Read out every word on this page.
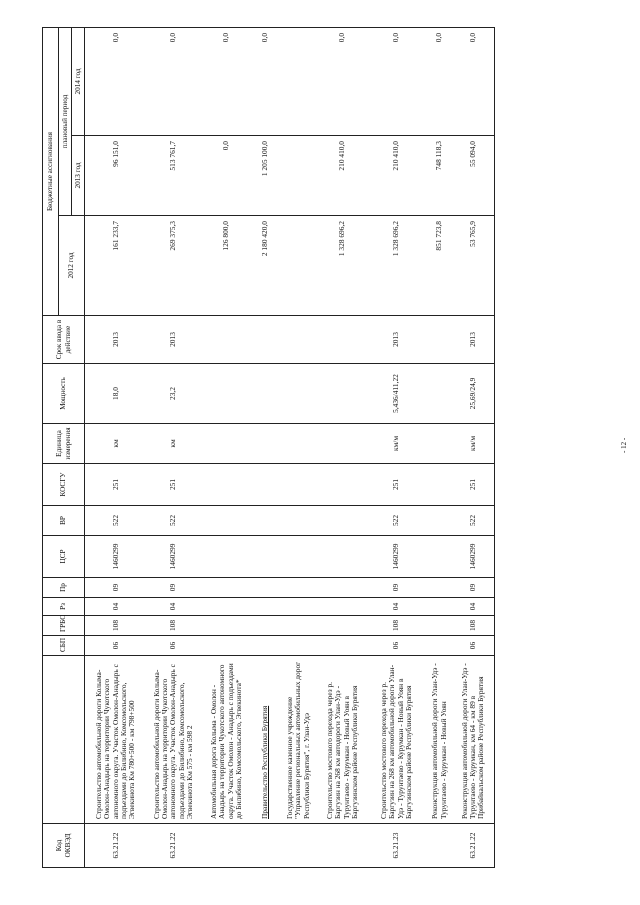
Код ОКВЭД		СБП	ГРБС	Рз	Пр	ЦСР	ВР	КОСГУ	Единица измерения	Мощность	Срок ввода в действие	Бюджетные ассигнования		
												2012 год	плановый период	
													2013 год	2014 год
63.21.22	Строительство автомобильной дороги Колыма-Омолон-Анадырь на территории Чукотского автономного округа. Участок Омолон-Анадырь с подъездами до Билибино, Комсомольского, Эгвекинота Км 780+500 - км 798+500	06	108	04	09	1460299	522	251	км	18,0	2013	161 233,7	96 151,0	0,0
63.21.22	Строительство автомобильной дороги Колыма-Омолон-Анадырь на территории Чукотского автономного округа. Участок Омолон-Анадырь с подъездами до Билибино, Комсомольского, Эгвекинота Км 575 - км 598 2	06	108	04	09	1460299	522	251	км	23,2	2013	269 375,3	513 761,7	0,0
	Автомобильная дорога Колыма - Омолон - Анадырь на территории Чукотского автономного округа. Участок Омолон - Анадырь с подъездами до Билибино, Комсомольского, Эгвекинота*											126 800,0	0,0	0,0
	Правительство Республики Бурятия											2 180 420,0	1 205 100,0	0,0
	Государственное казенное учреждение "Управление региональных автомобильных дорог Республики Бурятия", г. Улан-Удэ													
	Строительство мостового перехода через р. Баргузин на 268 км автодороги Улан-Удэ - Турунтаево - Курумкан - Новый Уоян в Баргузинском районе Республики Бурятия											1 328 696,2	210 410,0	0,0
63.21.23	Строительство мостового перехода через р. Баргузин на 268 км автомобильной дороги Улан-Удэ - Турунтаево - Курумкан - Новый Уоян в Баргузинском районе Республики Бурятия	06	108	04	09	1460299	522	251	км/м	5,436/411,22	2013	1 328 696,2	210 410,0	0,0
	Реконструкция автомобильной дороги Улан-Удэ - Турунтаево - Курумкан - Новый Уоян											851 723,8	748 118,3	0,0
63.21.22	Реконструкция автомобильной дороги Улан-Удэ - Турунтаево - Курумкан, км 64 - км 89 в Прибайкальском районе Республики Бурятия	06	108	04	09	1460299	522	251	км/м	25,69/24,9	2013	53 765,9	55 094,0	0,0
- 12 -
